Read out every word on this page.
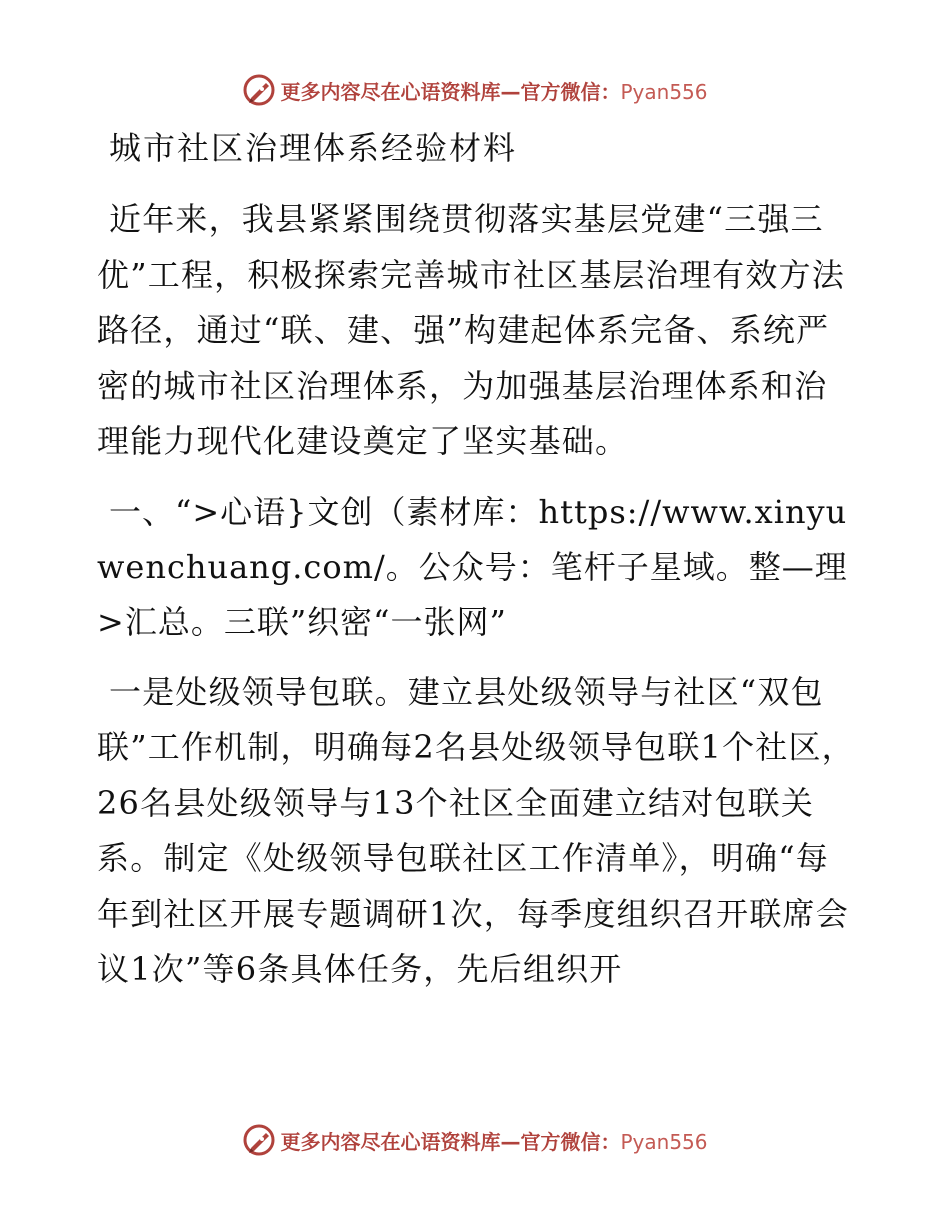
更多内容尽在心语资料库—官方微信：Pyan556
城市社区治理体系经验材料

近年来，我县紧紧围绕贯彻落实基层党建“三强三优”工程，积极探索完善城市社区基层治理有效方法路径，通过“联、建、强”构建起体系完备、系统严密的城市社区治理体系，为加强基层治理体系和治理能力现代化建设奠定了坚实基础。

一、“>心语}文创（素材库：https://www.xinyuwenchuang.com/。公众号：笔杆子星域。整—理>汇总。三联”织密“一张网”

一是处级领导包联。建立县处级领导与社区“双包联”工作机制，明确每2名县处级领导包联1个社区，26名县处级领导与13个社区全面建立结对包联关系。制定《处级领导包联社区工作清单》，明确“每年到社区开展专题调研1次，每季度组织召开联席会议1次”等6条具体任务，先后组织开

更多内容尽在心语资料库—官方微信：Pyan556
